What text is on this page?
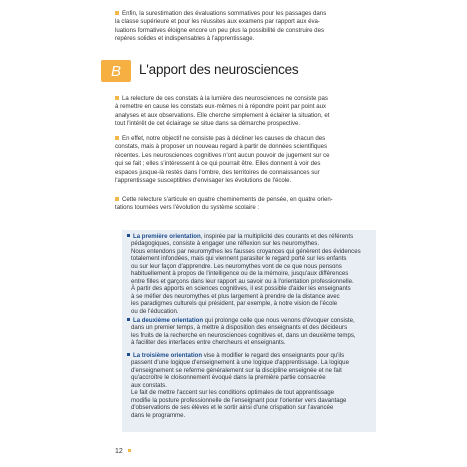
Enfin, la surestimation des évaluations sommatives pour les passages dans
la classe supérieure et pour les réussites aux examens par rapport aux éva-
luations formatives éloigne encore un peu plus la possibilité de construire des
repères solides et indispensables à l'apprentissage.

B	L'apport des neurosciences

La relecture de ces constats à la lumière des neurosciences ne consiste pas
à remettre en cause les constats eux-mêmes ni à répondre point par point aux
analyses et aux observations. Elle cherche simplement à éclairer la situation, et
tout l'intérêt de cet éclairage se situe dans sa démarche prospective.

En effet, notre objectif ne consiste pas à décliner les causes de chacun des
constats, mais à proposer un nouveau regard à partir de données scientifiques
récentes. Les neurosciences cognitives n'ont aucun pouvoir de jugement sur ce
qui se fait ; elles s'intéressent à ce qui pourrait être. Elles donnent à voir des
espaces jusque-là restés dans l'ombre, des territoires de connaissances sur
l'apprentissage susceptibles d'envisager les évolutions de l'école.

Cette relecture s'articule en quatre cheminements de pensée, en quatre orien-
tations tournées vers l'évolution du système scolaire :

La première orientation, inspirée par la multiplicité des courants et des référents
pédagogiques, consiste à engager une réflexion sur les neuromythes.
Nous entendons par neuromythes les fausses croyances qui génèrent des évidences
totalement infondées, mais qui viennent parasiter le regard porté sur les enfants
ou sur leur façon d'apprendre. Les neuromythes vont de ce que nous pensons
habituellement à propos de l'intelligence ou de la mémoire, jusqu'aux différences
entre filles et garçons dans leur rapport au savoir ou à l'orientation professionnelle.
À partir des apports en sciences cognitives, il est possible d'aider les enseignants
à se méfier des neuromythes et plus largement à prendre de la distance avec
les paradigmes culturels qui président, par exemple, à notre vision de l'école
ou de l'éducation.
La deuxième orientation qui prolonge celle que nous venons d'évoquer consiste,
dans un premier temps, à mettre à disposition des enseignants et des décideurs
les fruits de la recherche en neurosciences cognitives et, dans un deuxième temps,
à faciliter des interfaces entre chercheurs et enseignants.
La troisième orientation vise à modifier le regard des enseignants pour qu'ils
passent d'une logique d'enseignement à une logique d'apprentissage. La logique
d'enseignement se referme généralement sur la discipline enseignée et ne fait
qu'accroître le cloisonnement évoqué dans la première partie consacrée
aux constats.
Le fait de mettre l'accent sur les conditions optimales de tout apprentissage
modifie la posture professionnelle de l'enseignant pour l'orienter vers davantage
d'observations de ses élèves et le sortir ainsi d'une crispation sur l'avancée
dans le programme.
12
